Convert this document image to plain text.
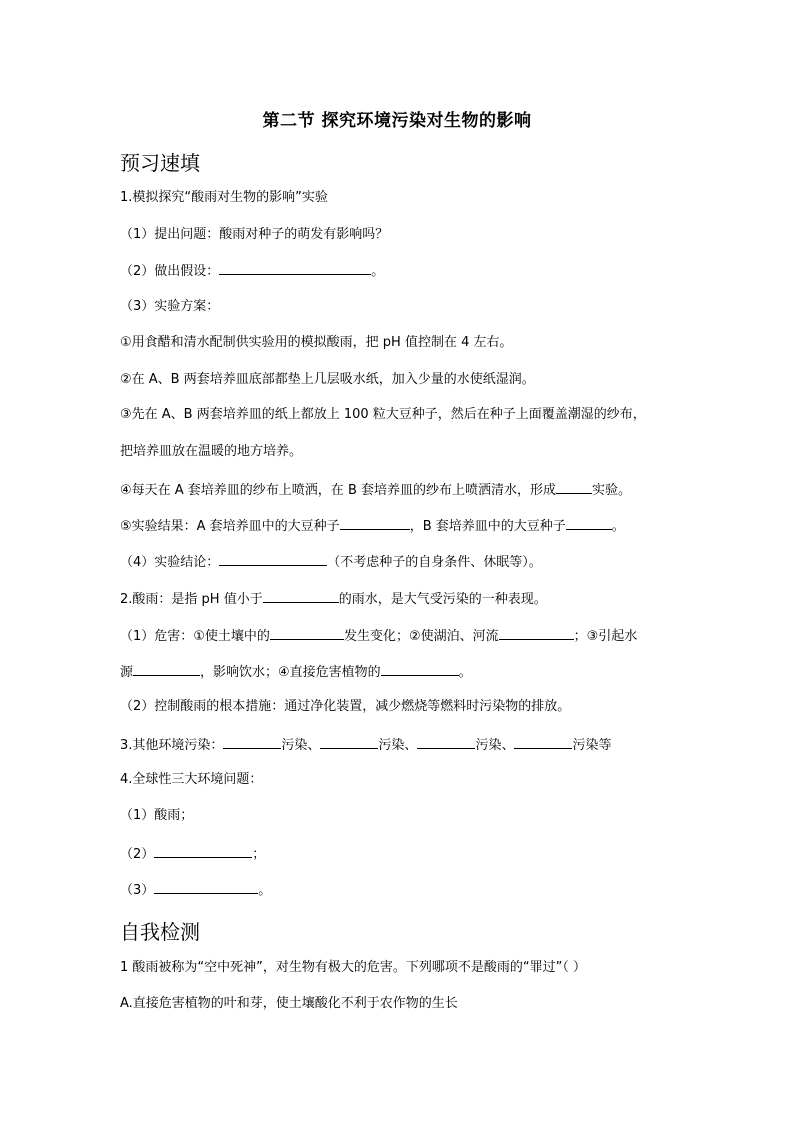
第二节 探究环境污染对生物的影响
预习速填
1.模拟探究“酸雨对生物的影响”实验
（1）提出问题：酸雨对种子的萌发有影响吗？
（2）做出假设：	。
（3）实验方案：
①用食醋和清水配制供实验用的模拟酸雨，把 pH 值控制在 4 左右。
②在 A、B 两套培养皿底部都垫上几层吸水纸，加入少量的水使纸湿润。
③先在 A、B 两套培养皿的纸上都放上 100 粒大豆种子，然后在种子上面覆盖潮湿的纱布，
把培养皿放在温暖的地方培养。
④每天在 A 套培养皿的纱布上喷洒，在 B 套培养皿的纱布上喷洒清水，形成	实验。
⑤实验结果：A 套培养皿中的大豆种子	，B 套培养皿中的大豆种子	。
（4）实验结论：	（不考虑种子的自身条件、休眠等）。
2.酸雨：是指 pH 值小于	的雨水，是大气受污染的一种表现。
（1）危害：①使土壤中的	发生变化；②使湖泊、河流	；③引起水
源	，影响饮水；④直接危害植物的	。
（2）控制酸雨的根本措施：通过净化装置，减少燃烧等燃料时污染物的排放。
3.其他环境污染：	污染、	污染、	污染、	污染等
4.全球性三大环境问题：
（1）酸雨；
（2）	；
（3）	。
自我检测
1 酸雨被称为“空中死神”，对生物有极大的危害。下列哪项不是酸雨的“罪过”（ ）
A.直接危害植物的叶和芽，使土壤酸化不利于农作物的生长
